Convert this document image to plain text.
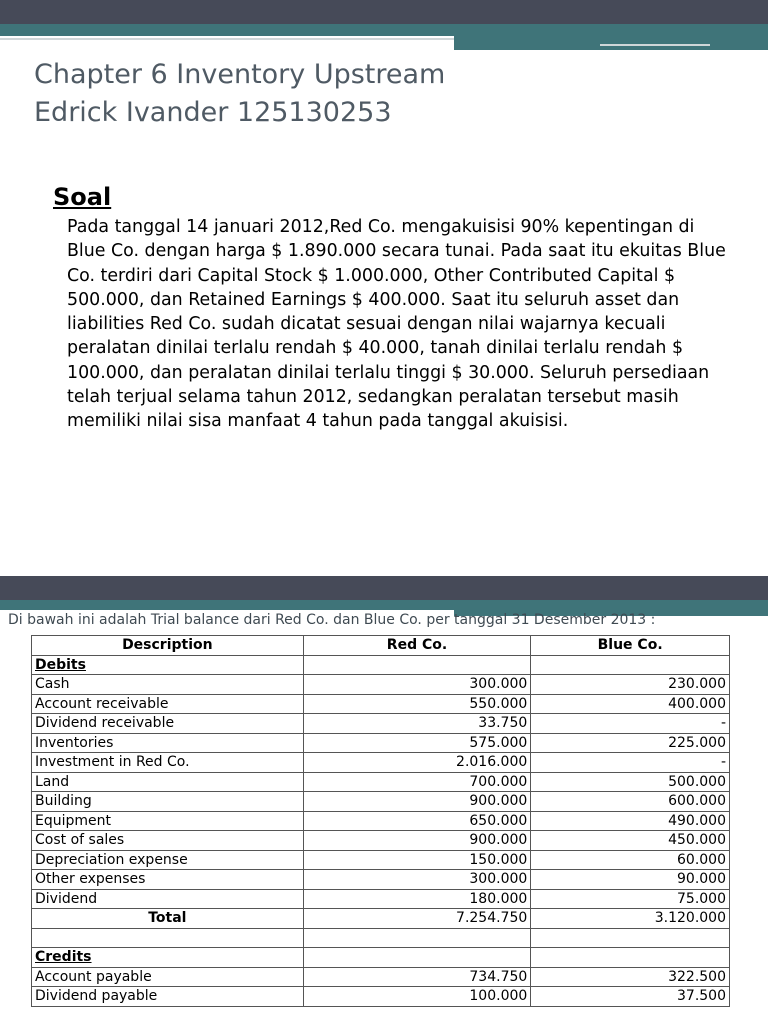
Chapter 6 Inventory Upstream
Edrick Ivander 125130253
Soal

Pada tanggal 14 januari 2012,Red Co. mengakuisisi 90% kepentingan di Blue Co. dengan harga $ 1.890.000 secara tunai. Pada saat itu ekuitas Blue Co. terdiri dari Capital Stock $ 1.000.000, Other Contributed Capital $ 500.000, dan Retained Earnings $ 400.000. Saat itu seluruh asset dan liabilities Red Co. sudah dicatat sesuai dengan nilai wajarnya kecuali peralatan dinilai terlalu rendah $ 40.000, tanah dinilai terlalu rendah $ 100.000, dan peralatan dinilai terlalu tinggi $ 30.000. Seluruh persediaan telah terjual selama tahun 2012, sedangkan peralatan tersebut masih memiliki nilai sisa manfaat 4 tahun pada tanggal akuisisi.

Di bawah ini adalah Trial balance dari Red Co. dan Blue Co. per tanggal 31 Desember 2013 :
Description	Red Co.	Blue Co.
Debits		
Cash	300.000	230.000
Account receivable	550.000	400.000
Dividend receivable	33.750	-
Inventories	575.000	225.000
Investment in Red Co.	2.016.000	-
Land	700.000	500.000
Building	900.000	600.000
Equipment	650.000	490.000
Cost of sales	900.000	450.000
Depreciation expense	150.000	60.000
Other expenses	300.000	90.000
Dividend	180.000	75.000
Total	7.254.750	3.120.000

Credits		
Account payable	734.750	322.500
Dividend payable	100.000	37.500
